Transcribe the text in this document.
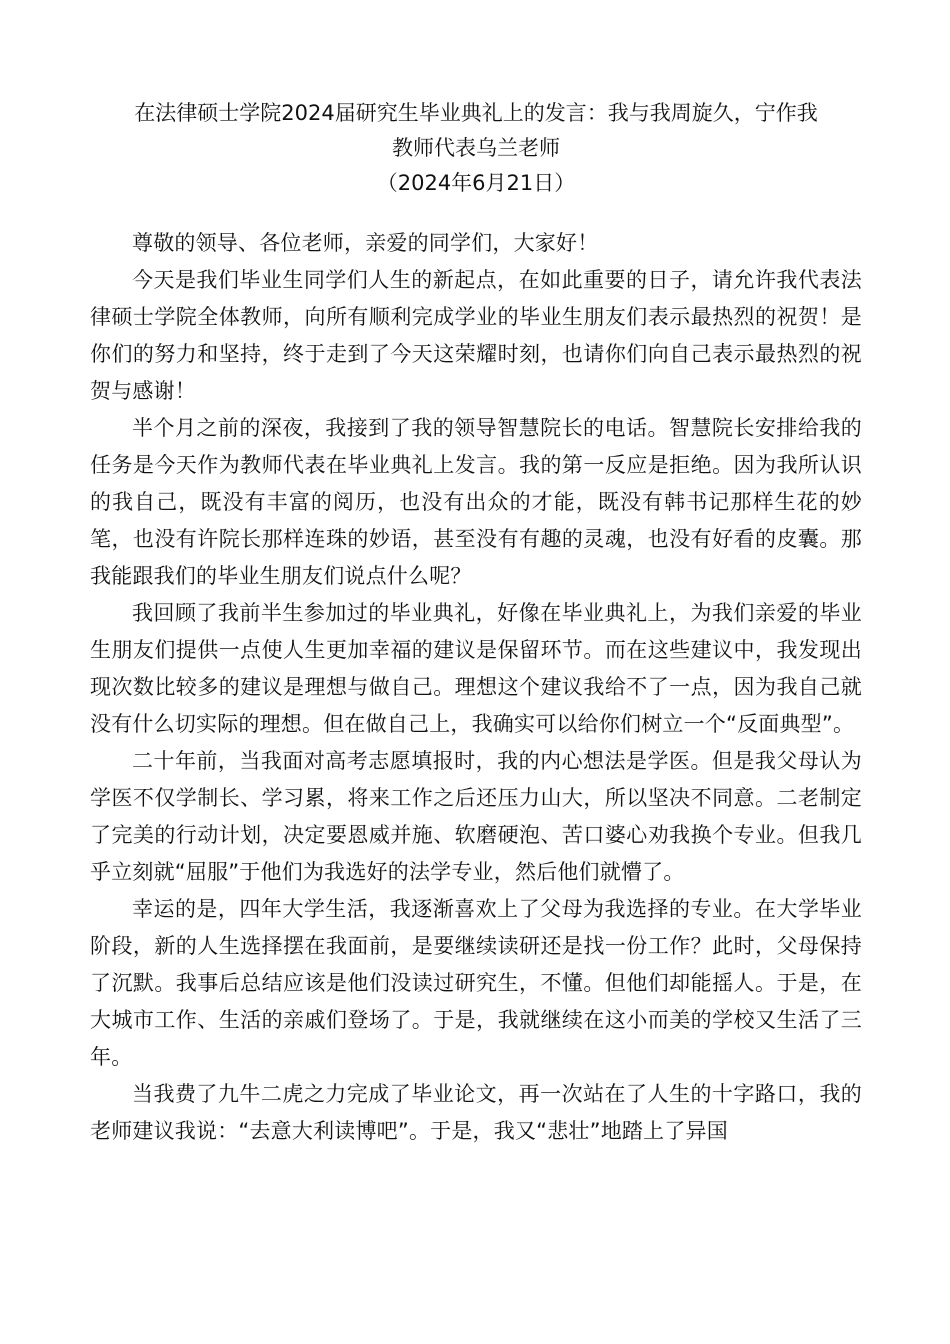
在法律硕士学院2024届研究生毕业典礼上的发言：我与我周旋久，宁作我
教师代表乌兰老师

（2024年6月21日）

尊敬的领导、各位老师，亲爱的同学们，大家好！

今天是我们毕业生同学们人生的新起点，在如此重要的日子，请允许我代表法律硕士学院全体教师，向所有顺利完成学业的毕业生朋友们表示最热烈的祝贺！是你们的努力和坚持，终于走到了今天这荣耀时刻，也请你们向自己表示最热烈的祝贺与感谢！

半个月之前的深夜，我接到了我的领导智慧院长的电话。智慧院长安排给我的任务是今天作为教师代表在毕业典礼上发言。我的第一反应是拒绝。因为我所认识的我自己，既没有丰富的阅历，也没有出众的才能，既没有韩书记那样生花的妙笔，也没有许院长那样连珠的妙语，甚至没有有趣的灵魂，也没有好看的皮囊。那我能跟我们的毕业生朋友们说点什么呢？

我回顾了我前半生参加过的毕业典礼，好像在毕业典礼上，为我们亲爱的毕业生朋友们提供一点使人生更加幸福的建议是保留环节。而在这些建议中，我发现出现次数比较多的建议是理想与做自己。理想这个建议我给不了一点，因为我自己就没有什么切实际的理想。但在做自己上，我确实可以给你们树立一个“反面典型”。

二十年前，当我面对高考志愿填报时，我的内心想法是学医。但是我父母认为学医不仅学制长、学习累，将来工作之后还压力山大，所以坚决不同意。二老制定了完美的行动计划，决定要恩威并施、软磨硬泡、苦口婆心劝我换个专业。但我几乎立刻就“屈服”于他们为我选好的法学专业，然后他们就懵了。

幸运的是，四年大学生活，我逐渐喜欢上了父母为我选择的专业。在大学毕业阶段，新的人生选择摆在我面前，是要继续读研还是找一份工作？此时，父母保持了沉默。我事后总结应该是他们没读过研究生，不懂。但他们却能摇人。于是，在大城市工作、生活的亲戚们登场了。于是，我就继续在这小而美的学校又生活了三年。

当我费了九牛二虎之力完成了毕业论文，再一次站在了人生的十字路口，我的老师建议我说：“去意大利读博吧”。于是，我又“悲壮”地踏上了异国
